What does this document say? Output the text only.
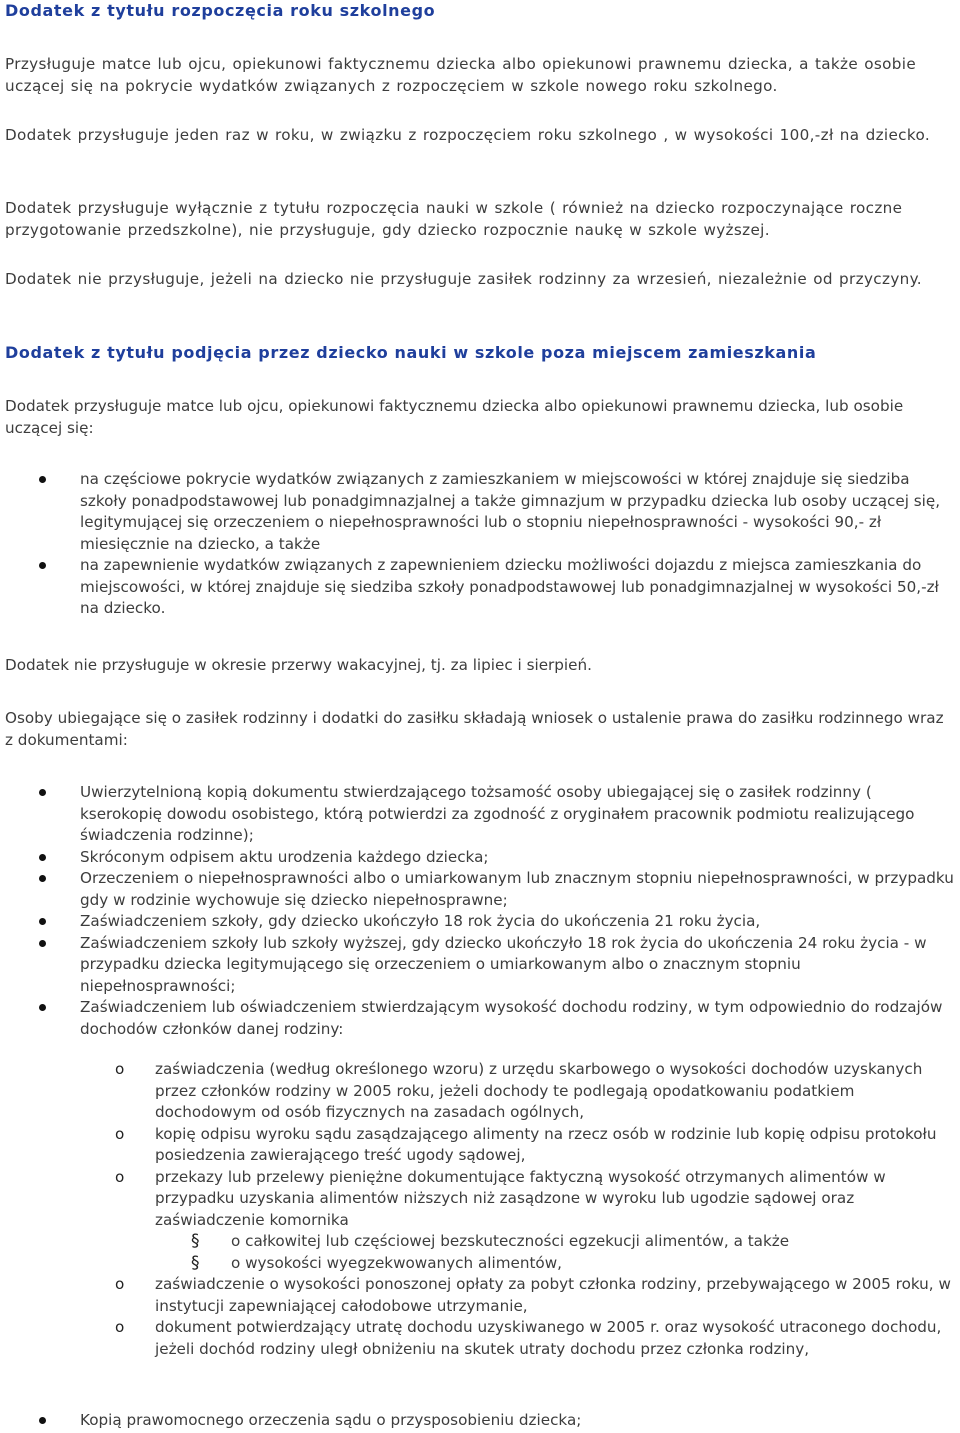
Dodatek z tytułu rozpoczęcia roku szkolnego

Przysługuje matce lub ojcu, opiekunowi faktycznemu dziecka albo opiekunowi prawnemu dziecka, a także osobie uczącej się na pokrycie wydatków związanych z rozpoczęciem w szkole nowego roku szkolnego.

Dodatek przysługuje jeden raz w roku, w związku z rozpoczęciem roku szkolnego , w wysokości 100,-zł na dziecko.

Dodatek przysługuje wyłącznie z tytułu rozpoczęcia nauki w szkole ( również na dziecko rozpoczynające roczne przygotowanie przedszkolne), nie przysługuje, gdy dziecko rozpocznie naukę w szkole wyższej.

Dodatek nie przysługuje, jeżeli na dziecko nie przysługuje zasiłek rodzinny za wrzesień, niezależnie od przyczyny.

Dodatek z tytułu podjęcia przez dziecko nauki w szkole poza miejscem zamieszkania

Dodatek przysługuje matce lub ojcu, opiekunowi faktycznemu dziecka albo opiekunowi prawnemu dziecka, lub osobie uczącej się:

na częściowe pokrycie wydatków związanych z zamieszkaniem w miejscowości w której znajduje się siedziba szkoły ponadpodstawowej lub ponadgimnazjalnej a także gimnazjum w przypadku dziecka lub osoby uczącej się, legitymującej się orzeczeniem o niepełnosprawności lub o stopniu niepełnosprawności - wysokości 90,- zł miesięcznie na dziecko, a także
na zapewnienie wydatków związanych z zapewnieniem dziecku możliwości dojazdu z miejsca zamieszkania do miejscowości, w której znajduje się siedziba szkoły ponadpodstawowej lub ponadgimnazjalnej w wysokości 50,-zł na dziecko.

Dodatek nie przysługuje w okresie przerwy wakacyjnej, tj. za lipiec i sierpień.

Osoby ubiegające się o zasiłek rodzinny i dodatki do zasiłku składają wniosek o ustalenie prawa do zasiłku rodzinnego wraz z dokumentami:

Uwierzytelnioną kopią dokumentu stwierdzającego tożsamość osoby ubiegającej się o zasiłek rodzinny ( kserokopię dowodu osobistego, którą potwierdzi za zgodność z oryginałem pracownik podmiotu realizującego świadczenia rodzinne);
Skróconym odpisem aktu urodzenia każdego dziecka;
Orzeczeniem o niepełnosprawności albo o umiarkowanym lub znacznym stopniu niepełnosprawności, w przypadku gdy w rodzinie wychowuje się dziecko niepełnosprawne;
Zaświadczeniem szkoły, gdy dziecko ukończyło 18 rok życia do ukończenia 21 roku życia,
Zaświadczeniem szkoły lub szkoły wyższej, gdy dziecko ukończyło 18 rok życia do ukończenia 24 roku życia - w przypadku dziecka legitymującego się orzeczeniem o umiarkowanym albo o znacznym stopniu niepełnosprawności;
Zaświadczeniem lub oświadczeniem stwierdzającym wysokość dochodu rodziny, w tym odpowiednio do rodzajów dochodów członków danej rodziny:
o zaświadczenia (według określonego wzoru) z urzędu skarbowego o wysokości dochodów uzyskanych przez członków rodziny w 2005 roku, jeżeli dochody te podlegają opodatkowaniu podatkiem dochodowym od osób fizycznych na zasadach ogólnych,
o kopię odpisu wyroku sądu zasądzającego alimenty na rzecz osób w rodzinie lub kopię odpisu protokołu posiedzenia zawierającego treść ugody sądowej,
o przekazy lub przelewy pieniężne dokumentujące faktyczną wysokość otrzymanych alimentów w przypadku uzyskania alimentów niższych niż zasądzone w wyroku lub ugodzie sądowej oraz zaświadczenie komornika
§ o całkowitej lub częściowej bezskuteczności egzekucji alimentów, a także
§ o wysokości wyegzekwowanych alimentów,
o zaświadczenie o wysokości ponoszonej opłaty za pobyt członka rodziny, przebywającego w 2005 roku, w instytucji zapewniającej całodobowe utrzymanie,
o dokument potwierdzający utratę dochodu uzyskiwanego w 2005 r. oraz wysokość utraconego dochodu, jeżeli dochód rodziny uległ obniżeniu na skutek utraty dochodu przez członka rodziny,
Kopią prawomocnego orzeczenia sądu o przysposobieniu dziecka;
